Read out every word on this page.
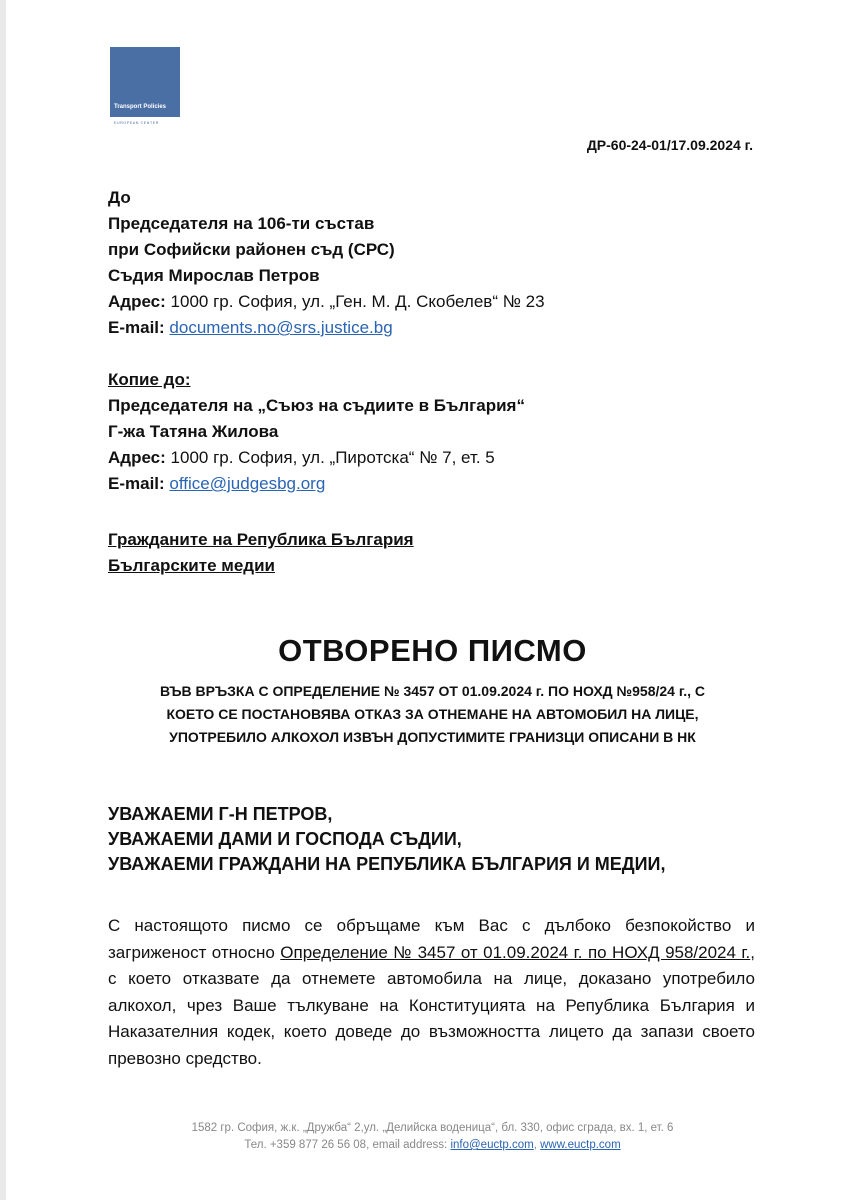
Transport Policies
EUROPEAN CENTER
ДР-60-24-01/17.09.2024 г.
До
Председателя на 106-ти състав
при Софийски районен съд (СРС)
Съдия Мирослав Петров
Адрес: 1000 гр. София, ул. „Ген. М. Д. Скобелев“ № 23
E-mail: documents.no@srs.justice.bg
Копие до:
Председателя на „Съюз на съдиите в България“
Г-жа Татяна Жилова
Адрес: 1000 гр. София, ул. „Пиротска“ № 7, ет. 5
E-mail: office@judgesbg.org
Гражданите на Република България
Българските медии
ОТВОРЕНО ПИСМО
ВЪВ ВРЪЗКА С ОПРЕДЕЛЕНИЕ № 3457 ОТ 01.09.2024 г. ПО НОХД №958/24 г., С
КОЕТО СЕ ПОСТАНОВЯВА ОТКАЗ ЗА ОТНЕМАНЕ НА АВТОМОБИЛ НА ЛИЦЕ,
УПОТРЕБИЛО АЛКОХОЛ ИЗВЪН ДОПУСТИМИТЕ ГРАНИЗЦИ ОПИСАНИ В НК
УВАЖАЕМИ Г-Н ПЕТРОВ,
УВАЖАЕМИ ДАМИ И ГОСПОДА СЪДИИ,
УВАЖАЕМИ ГРАЖДАНИ НА РЕПУБЛИКА БЪЛГАРИЯ И МЕДИИ,
С настоящото писмо се обръщаме към Вас с дълбоко безпокойство и загриженост относно Определение № 3457 от 01.09.2024 г. по НОХД 958/2024 г., с което отказвате да отнемете автомобила на лице, доказано употребило алкохол, чрез Ваше тълкуване на Конституцията на Република България и Наказателния кодек, което доведе до възможността лицето да запази своето превозно средство.
1582 гр. София, ж.к. „Дружба“ 2,ул. „Делийска воденица“, бл. 330, офис сграда, вх. 1, ет. 6
Тел. +359 877 26 56 08, email address: info@euctp.com, www.euctp.com
